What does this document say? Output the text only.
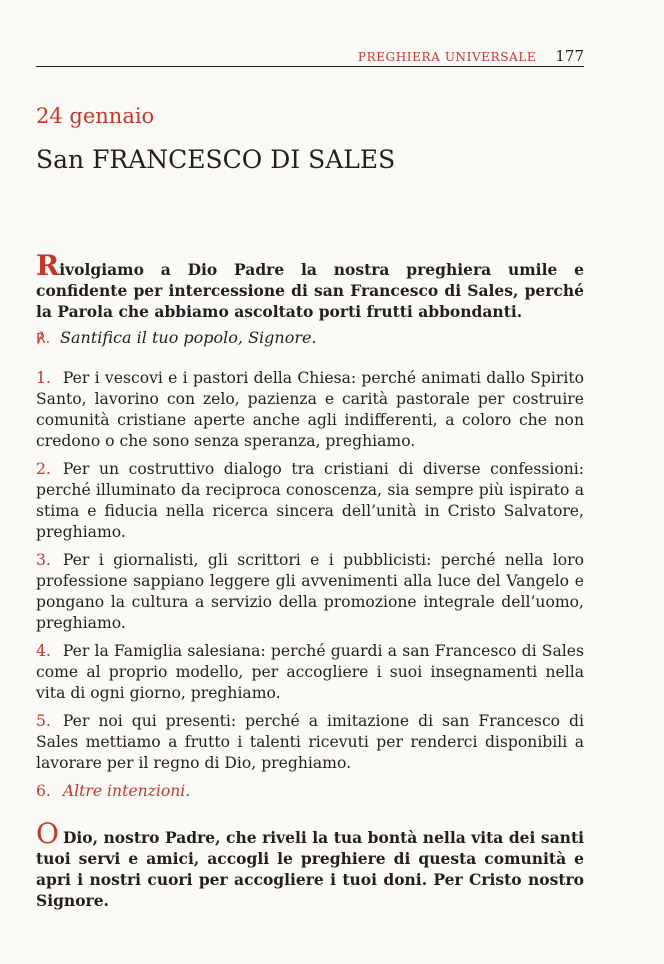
PREGHIERA UNIVERSALE 177
24 gennaio
San FRANCESCO DI SALES

Rivolgiamo a Dio Padre la nostra preghiera umile e confidente per intercessione di san Francesco di Sales, perché la Parola che abbiamo ascoltato porti frutti abbondanti.

℟. Santifica il tuo popolo, Signore.

1. Per i vescovi e i pastori della Chiesa: perché animati dallo Spirito Santo, lavorino con zelo, pazienza e carità pastorale per costruire comunità cristiane aperte anche agli indifferenti, a coloro che non credono o che sono senza speranza, preghiamo.

2. Per un costruttivo dialogo tra cristiani di diverse confessioni: perché illuminato da reciproca conoscenza, sia sempre più ispirato a stima e fiducia nella ricerca sincera dell’unità in Cristo Salvatore, preghiamo.

3. Per i giornalisti, gli scrittori e i pubblicisti: perché nella loro professione sappiano leggere gli avvenimenti alla luce del Vangelo e pongano la cultura a servizio della promozione integrale dell’uomo, preghiamo.

4. Per la Famiglia salesiana: perché guardi a san Francesco di Sales come al proprio modello, per accogliere i suoi insegnamenti nella vita di ogni giorno, preghiamo.

5. Per noi qui presenti: perché a imitazione di san Francesco di Sales mettiamo a frutto i talenti ricevuti per renderci disponibili a lavorare per il regno di Dio, preghiamo.

6. Altre intenzioni.

O Dio, nostro Padre, che riveli la tua bontà nella vita dei santi tuoi servi e amici, accogli le preghiere di questa comunità e apri i nostri cuori per accogliere i tuoi doni. Per Cristo nostro Signore.
